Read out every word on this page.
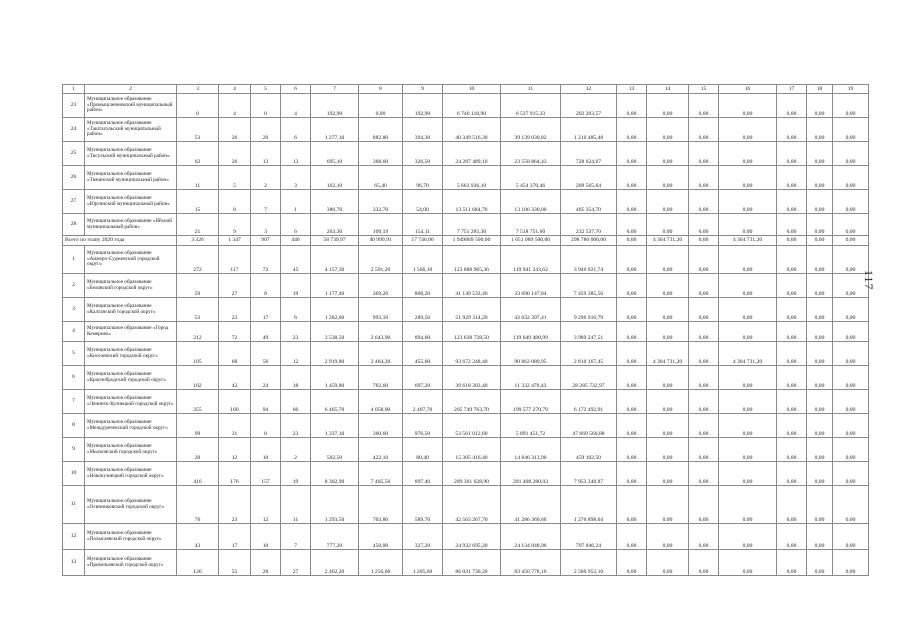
1	2	3	4	5	6	7	8	9	10	11	12	13	14	15	16	17	18	19
23	Муниципальное образование «Промышленновский муниципальный район»	8	4	0	4	192,90	0,00	192,90	6 740 118,90	6 537 915,33	202 203,57	0,00	0,00	0,00	0,00	0,00	0,00	0,00
24	Муниципальное образование «Таштагольский муниципальный район»	53	26	20	6	1 277,10	882,80	394,30	40 349 516,30	39 139 030,82	1 210 485,48	0,00	0,00	0,00	0,00	0,00	0,00	0,00
25	Муниципальное образование «Тисульский муниципальный район»	62	26	13	13	695,10	368,60	326,50	24 287 489,10	23 558 864,43	728 624,67	0,00	0,00	0,00	0,00	0,00	0,00	0,00
26	Муниципальное образование «Тяжинский муниципальный район»	11	5	2	3	162,10	65,40	96,70	5 663 936,10	5 454 370,46	209 565,64	0,00	0,00	0,00	0,00	0,00	0,00	0,00
27	Муниципальное образование «Юргинский муниципальный район»	15	8	7	1	386,70	332,70	54,00	13 511 684,70	13 106 330,00	405 354,70	0,00	0,00	0,00	0,00	0,00	0,00	0,00
28	Муниципальное образование «Яйский муниципальный район»	21	9	3	6	263,30	109,19	154,11	7 751 285,30	7 518 751,60	232 537,70	0,00	0,00	0,00	0,00	0,00	0,00	0,00
Всего по этапу 2020 года		3 326	1 347	907	440	58 739,97	40 999,91	17 740,06	1 949869 500,00	1 651 089 500,00	298 780 000,00	0,00	4 304 731,20	0,00	4 304 731,20	0,00	0,00	0,00
1	Муниципальное образование «Анжеро-Судженский городской округ»	272	117	72	45	4 157,30	2 591,20	1 566,10	123 888 965,36	119 941 243,62	3 946 921,74	0,00	0,00	0,00	0,00	0,00	0,00	0,00
2	Муниципальное образование «Беловский городской округ»	59	27	8	19	1 177,40	369,20	808,20	41 149 533,40	33 690 147,84	7 459 385,56	0,00	0,00	0,00	0,00	0,00	0,00	0,00
3	Муниципальное образование «Калтанский городской округ»	53	23	17	6	1 282,60	993,10	289,50	51 929 314,20	42 632 397,41	9 296 916,79	0,00	0,00	0,00	0,00	0,00	0,00	0,00
4	Муниципальное образование «Город Кемерово»	212	72	49	23	3 538,50	2 643,90	894,60	123 638 728,50	119 649 480,99	3 989 247,51	0,00	0,00	0,00	0,00	0,00	0,00	0,00
5	Муниципальное образование «Киселевский городской округ»	105	68	56	12	2 919,80	2 464,20	455,60	93 672 248,40	90 862 080,95	2 810 167,45	0,00	4 304 731,20	0,00	4 304 731,20	0,00	0,00	0,00
6	Муниципальное образование «Краснобродский городской округ»	102	42	24	18	1 459,80	762,60	697,20	39 618 203,40	11 332 470,43	28 285 732,97	0,00	0,00	0,00	0,00	0,00	0,00	0,00
7	Муниципальное образование «Ленинск-Кузнецкий городской округ»	355	160	94	66	6 465,70	4 058,00	2 407,70	205 749 763,70	199 577 270,79	6 172 492,91	0,00	0,00	0,00	0,00	0,00	0,00	0,00
8	Муниципальное образование «Междуреченский городской округ»	99	31	8	23	1 337,10	360,60	976,50	53 561 012,60	5 891 451,72	47 669 560,88	0,00	0,00	0,00	0,00	0,00	0,00	0,00
9	Муниципальное образование «Мысковский городской округ»	20	12	10	2	502,50	422,10	80,40	15 305 416,40	14 846 313,90	459 102,50	0,00	0,00	0,00	0,00	0,00	0,00	0,00
10	Муниципальное образование «Новокузнецкий городской округ»	416	176	157	19	8 302,90	7 405,50	897,40	289 361 628,90	281 408 280,03	7 953 348,87	0,00	0,00	0,00	0,00	0,00	0,00	0,00
11	Муниципальное образование «Осинниковский городской округ»	76	23	12	11	1 293,50	703,80	589,70	42 563 267,70	41 286 369,66	1 276 898,04	0,00	0,00	0,00	0,00	0,00	0,00	0,00
12	Муниципальное образование «Полысаевский городской округ»	43	17	10	7	777,20	450,00	327,20	24 932 695,20	24 134 848,96	797 846,24	0,00	0,00	0,00	0,00	0,00	0,00	0,00
13	Муниципальное образование «Прокопьевский городской округ»	126	55	28	27	2 462,20	1 256,60	1 205,60	86 031 730,20	83 450 778,10	2 580 952,10	0,00	0,00	0,00	0,00	0,00	0,00	0,00
117
